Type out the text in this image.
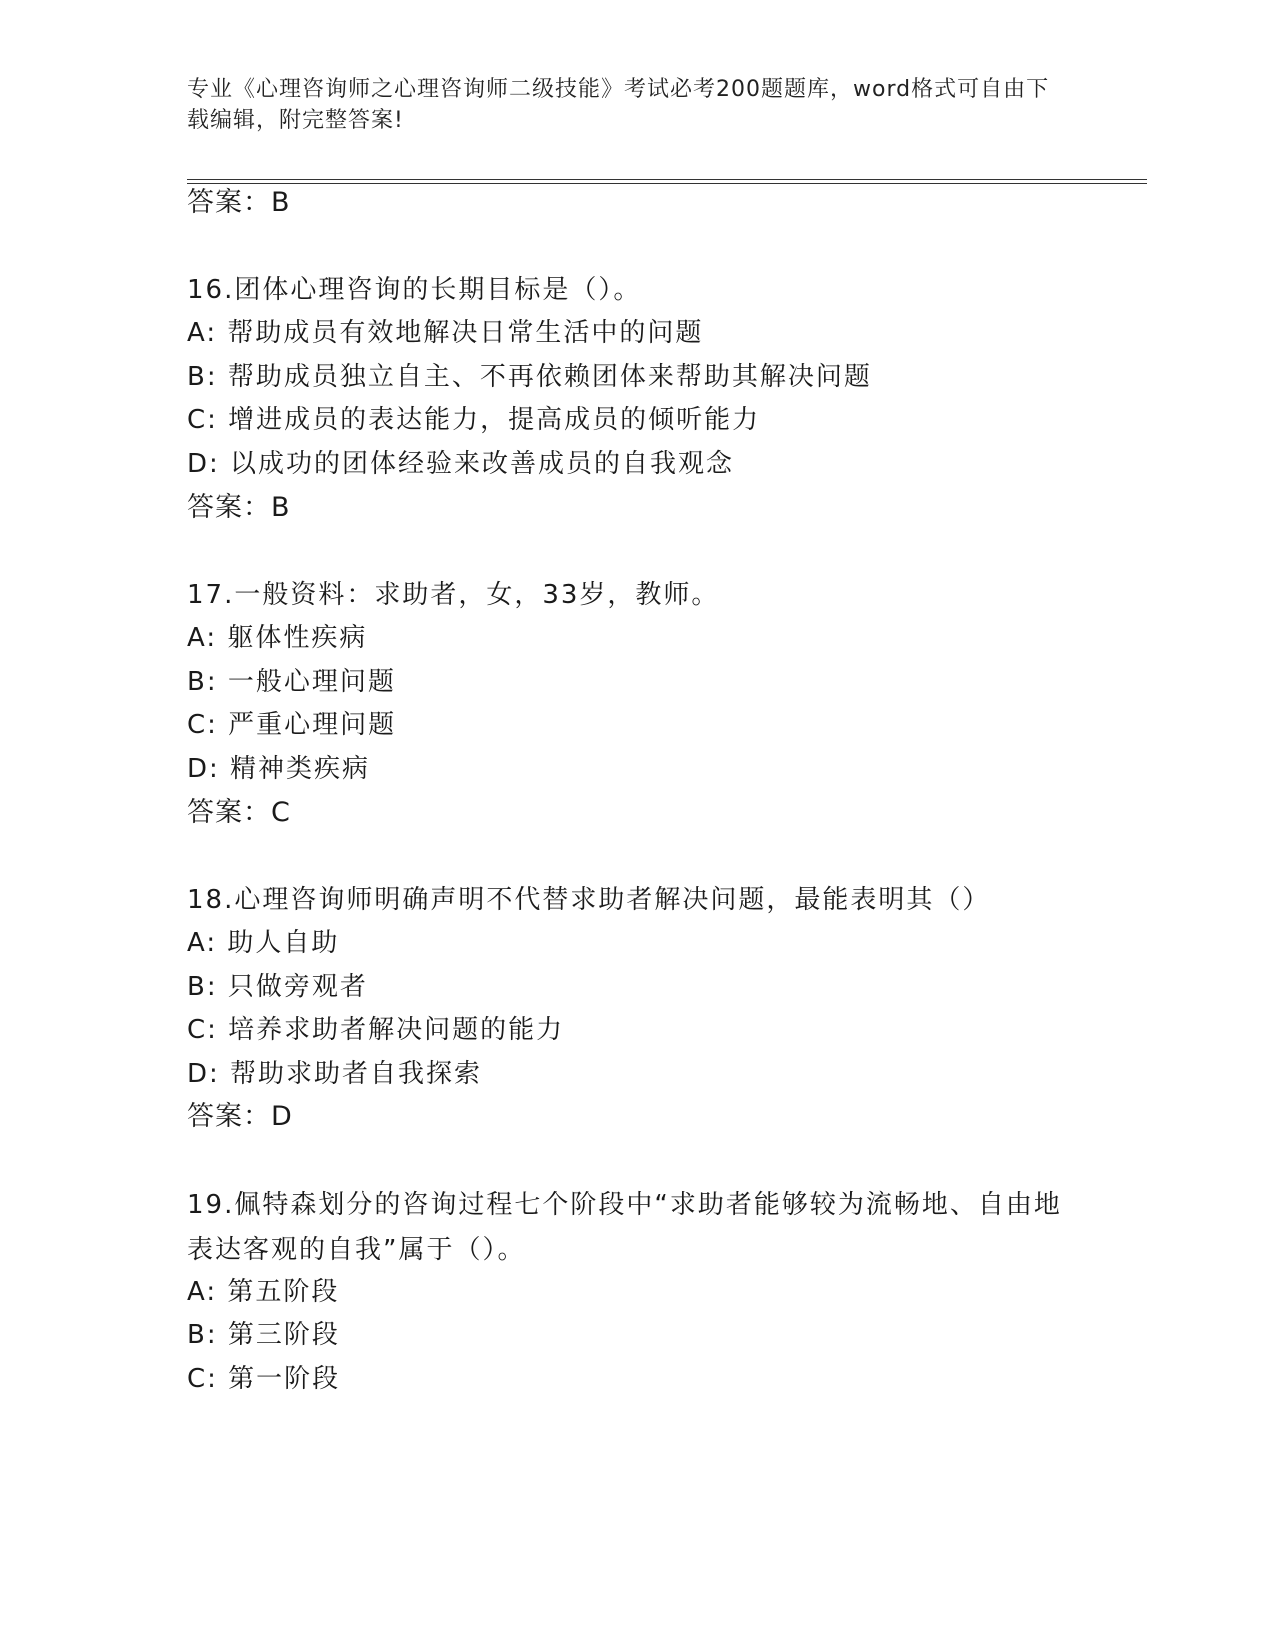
专业《心理咨询师之心理咨询师二级技能》考试必考200题题库，word格式可自由下载编辑，附完整答案!
答案：B
16.团体心理咨询的长期目标是（）。
A: 帮助成员有效地解决日常生活中的问题
B: 帮助成员独立自主、不再依赖团体来帮助其解决问题
C: 增进成员的表达能力，提高成员的倾听能力
D: 以成功的团体经验来改善成员的自我观念
答案：B
17.一般资料：求助者，女，33岁，教师。
A: 躯体性疾病
B: 一般心理问题
C: 严重心理问题
D: 精神类疾病
答案：C
18.心理咨询师明确声明不代替求助者解决问题，最能表明其（）
A: 助人自助
B: 只做旁观者
C: 培养求助者解决问题的能力
D: 帮助求助者自我探索
答案：D
19.佩特森划分的咨询过程七个阶段中“求助者能够较为流畅地、自由地表达客观的自我”属于（）。
A: 第五阶段
B: 第三阶段
C: 第一阶段
